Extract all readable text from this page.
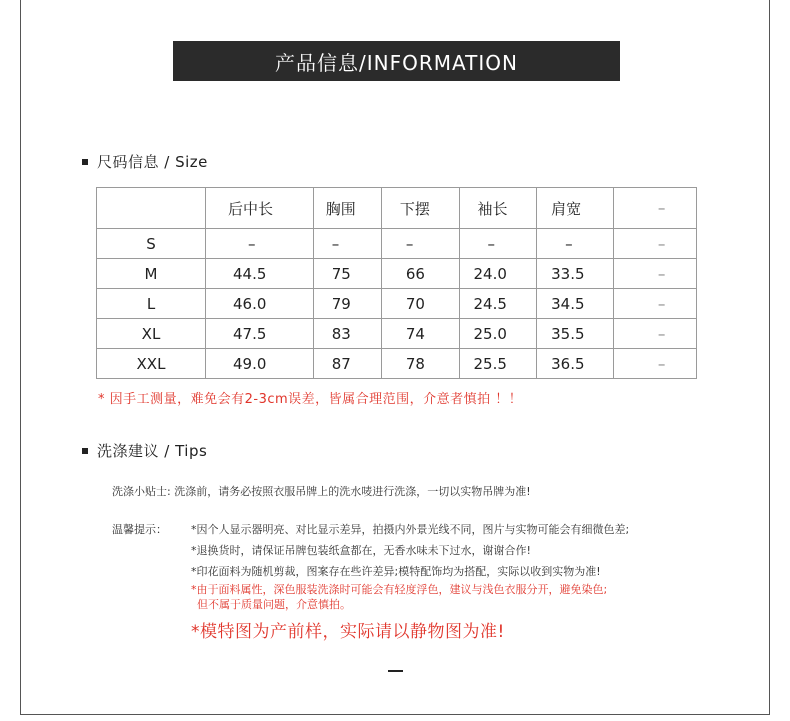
产品信息/INFORMATION
尺码信息 / Size
	后中长	胸围	下摆	袖长	肩宽	–
S	–	–	–	–	–	–
M	44.5	75	66	24.0	33.5	–
L	46.0	79	70	24.5	34.5	–
XL	47.5	83	74	25.0	35.5	–
XXL	49.0	87	78	25.5	36.5	–
* 因手工测量，难免会有2-3cm误差，皆属合理范围，介意者慎拍 ！！
洗涤建议 / Tips
洗涤小贴士: 洗涤前，请务必按照衣服吊牌上的洗水唛进行洗涤，一切以实物吊牌为准!
温馨提示： *因个人显示器明亮、对比显示差异，拍摄内外景光线不同，图片与实物可能会有细微色差;
*退换货时，请保证吊牌包装纸盒都在，无香水味未下过水，谢谢合作!
*印花面料为随机剪裁，图案存在些许差异;模特配饰均为搭配，实际以收到实物为准!
*由于面料属性，深色服装洗涤时可能会有轻度浮色，建议与浅色衣服分开，避免染色;
但不属于质量问题，介意慎拍。
*模特图为产前样，实际请以静物图为准!
